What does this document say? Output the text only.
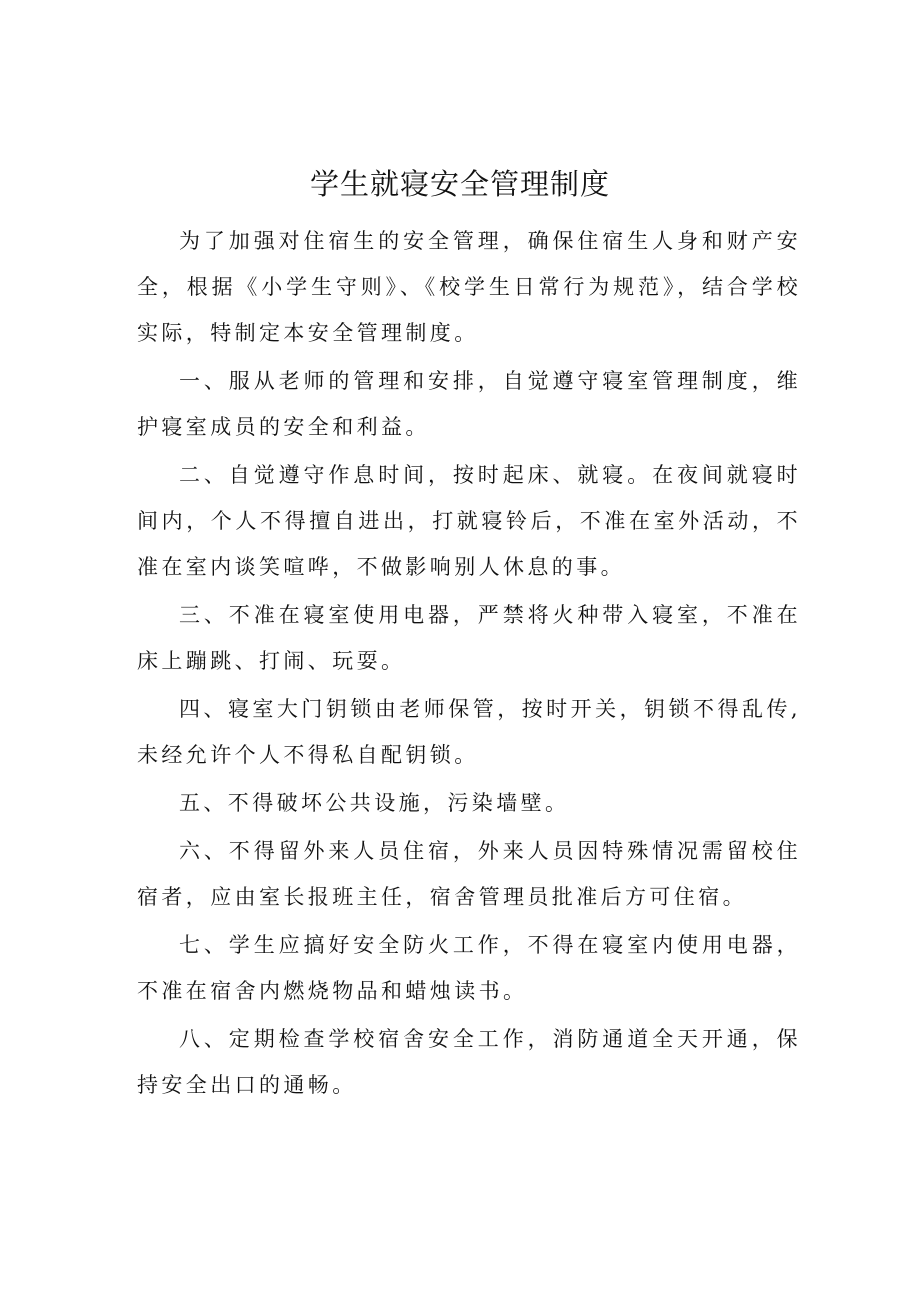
学生就寝安全管理制度

为了加强对住宿生的安全管理，确保住宿生人身和财产安全，根据《小学生守则》、《校学生日常行为规范》，结合学校实际，特制定本安全管理制度。

一、服从老师的管理和安排，自觉遵守寝室管理制度，维护寝室成员的安全和利益。

二、自觉遵守作息时间，按时起床、就寝。在夜间就寝时间内，个人不得擅自进出，打就寝铃后，不准在室外活动，不准在室内谈笑喧哗，不做影响别人休息的事。

三、不准在寝室使用电器，严禁将火种带入寝室，不准在床上蹦跳、打闹、玩耍。

四、寝室大门钥锁由老师保管，按时开关，钥锁不得乱传,未经允许个人不得私自配钥锁。

五、不得破坏公共设施，污染墙壁。

六、不得留外来人员住宿，外来人员因特殊情况需留校住宿者，应由室长报班主任，宿舍管理员批准后方可住宿。

七、学生应搞好安全防火工作，不得在寝室内使用电器，不准在宿舍内燃烧物品和蜡烛读书。

八、定期检查学校宿舍安全工作，消防通道全天开通，保持安全出口的通畅。
